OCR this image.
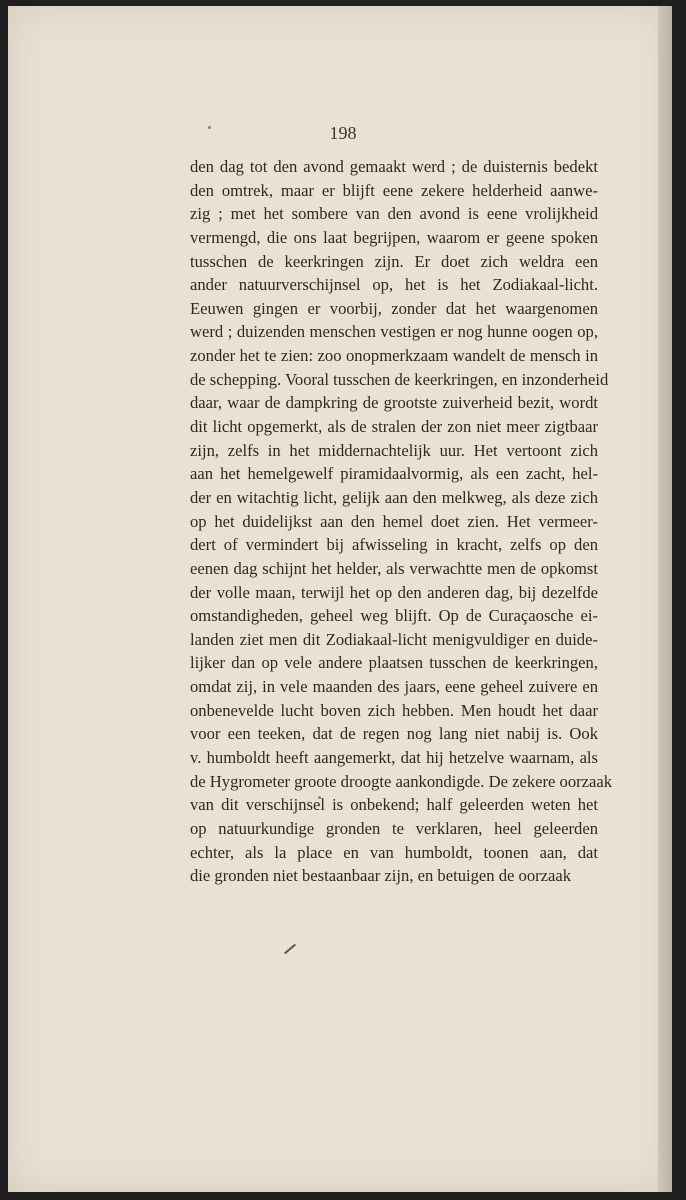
198
den dag tot den avond gemaakt werd ; de duisternis bedekt
den omtrek, maar er blijft eene zekere helderheid aanwe-
zig ; met het sombere van den avond is eene vrolijkheid
vermengd, die ons laat begrijpen, waarom er geene spoken
tusschen de keerkringen zijn. Er doet zich weldra een
ander natuurverschijnsel op, het is het Zodiakaal-licht.
Eeuwen gingen er voorbij, zonder dat het waargenomen
werd ; duizenden menschen vestigen er nog hunne oogen op,
zonder het te zien: zoo onopmerkzaam wandelt de mensch in
de schepping. Vooral tusschen de keerkringen, en inzonderheid
daar, waar de dampkring de grootste zuiverheid bezit, wordt
dit licht opgemerkt, als de stralen der zon niet meer zigtbaar
zijn, zelfs in het middernachtelijk uur. Het vertoont zich
aan het hemelgewelf piramidaalvormig, als een zacht, hel-
der en witachtig licht, gelijk aan den melkweg, als deze zich
op het duidelijkst aan den hemel doet zien. Het vermeer-
dert of vermindert bij afwisseling in kracht, zelfs op den
eenen dag schijnt het helder, als verwachtte men de opkomst
der volle maan, terwijl het op den anderen dag, bij dezelfde
omstandigheden, geheel weg blijft. Op de Curaçaosche ei-
landen ziet men dit Zodiakaal-licht menigvuldiger en duide-
lijker dan op vele andere plaatsen tusschen de keerkringen,
omdat zij, in vele maanden des jaars, eene geheel zuivere en
onbenevelde lucht boven zich hebben. Men houdt het daar
voor een teeken, dat de regen nog lang niet nabij is. Ook
v. humboldt heeft aangemerkt, dat hij hetzelve waarnam, als
de Hygrometer groote droogte aankondigde. De zekere oorzaak
van dit verschijnsel is onbekend; half geleerden weten het
op natuurkundige gronden te verklaren, heel geleerden
echter, als la place en van humboldt, toonen aan, dat
die gronden niet bestaanbaar zijn, en betuigen de oorzaak
